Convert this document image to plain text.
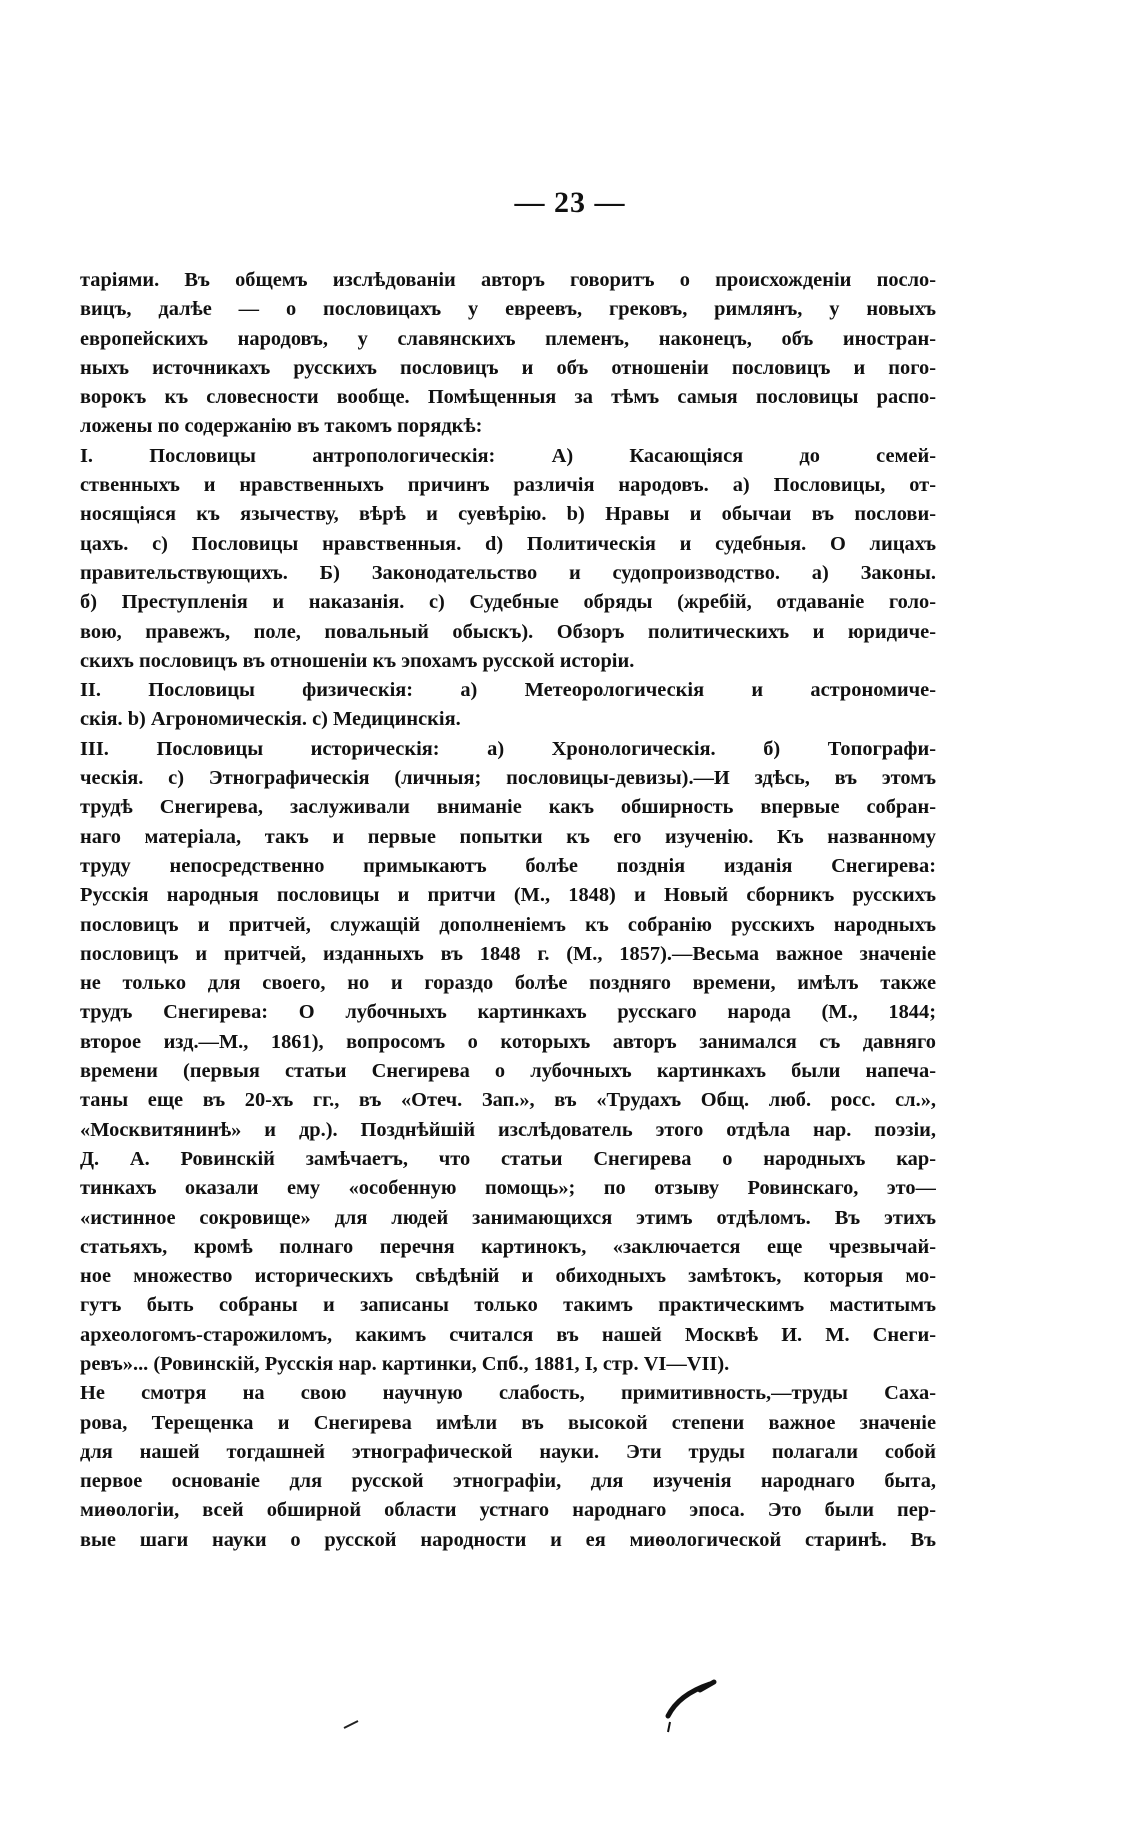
— 23 —
таріями. Въ общемъ изслѣдованіи авторъ говоритъ о происхожденіи посло-
вицъ, далѣе — о пословицахъ у евреевъ, грековъ, римлянъ, у новыхъ
европейскихъ народовъ, у славянскихъ племенъ, наконецъ, объ иностран-
ныхъ источникахъ русскихъ пословицъ и объ отношеніи пословицъ и пого-
ворокъ къ словесности вообще. Помѣщенныя за тѣмъ самыя пословицы распо-
ложены по содержанію въ такомъ порядкѣ:
I. Пословицы антропологическія: А) Касающіяся до семей-
ственныхъ и нравственныхъ причинъ различія народовъ. а) Пословицы, от-
носящіяся къ язычеству, вѣрѣ и суевѣрію. b) Нравы и обычаи въ послови-
цахъ. с) Пословицы нравственныя. d) Политическія и судебныя. О лицахъ
правительствующихъ. Б) Законодательство и судопроизводство. а) Законы.
б) Преступленія и наказанія. с) Судебные обряды (жребій, отдаваніе голо-
вою, правежъ, поле, повальный обыскъ). Обзоръ политическихъ и юридиче-
скихъ пословицъ въ отношеніи къ эпохамъ русской исторіи.
II. Пословицы физическія: а) Метеорологическія и астрономиче-
скія. b) Агрономическія. с) Медицинскія.
III. Пословицы историческія: а) Хронологическія. б) Топографи-
ческія. с) Этнографическія (личныя; пословицы-девизы).—И здѣсь, въ этомъ
трудѣ Снегирева, заслуживали вниманіе какъ обширность впервые собран-
наго матеріала, такъ и первые попытки къ его изученію. Къ названному
труду непосредственно примыкаютъ болѣе позднія изданія Снегирева:
Русскія народныя пословицы и притчи (М., 1848) и Новый сборникъ русскихъ
пословицъ и притчей, служащій дополненіемъ къ собранію русскихъ народныхъ
пословицъ и притчей, изданныхъ въ 1848 г. (М., 1857).—Весьма важное значеніе
не только для своего, но и гораздо болѣе поздняго времени, имѣлъ также
трудъ Снегирева: О лубочныхъ картинкахъ русскаго народа (М., 1844;
второе изд.—М., 1861), вопросомъ о которыхъ авторъ занимался съ давняго
времени (первыя статьи Снегирева о лубочныхъ картинкахъ были напеча-
таны еще въ 20-хъ гг., въ «Отеч. Зап.», въ «Трудахъ Общ. люб. росс. сл.»,
«Москвитянинѣ» и др.). Позднѣйшій изслѣдователь этого отдѣла нар. поэзіи,
Д. А. Ровинскій замѣчаетъ, что статьи Снегирева о народныхъ кар-
тинкахъ оказали ему «особенную помощь»; по отзыву Ровинскаго, это—
«истинное сокровище» для людей занимающихся этимъ отдѣломъ. Въ этихъ
статьяхъ, кромѣ полнаго перечня картинокъ, «заключается еще чрезвычай-
ное множество историческихъ свѣдѣній и обиходныхъ замѣтокъ, которыя мо-
гутъ быть собраны и записаны только такимъ практическимъ маститымъ
археологомъ-старожиломъ, какимъ считался въ нашей Москвѣ И. М. Снеги-
ревъ»... (Ровинскій, Русскія нар. картинки, Спб., 1881, I, стр. VI—VII).
Не смотря на свою научную слабость, примитивность,—труды Саха-
рова, Терещенка и Снегирева имѣли въ высокой степени важное значеніе
для нашей тогдашней этнографической науки. Эти труды полагали собой
первое основаніе для русской этнографіи, для изученія народнаго быта,
миѳологіи, всей обширной области устнаго народнаго эпоса. Это были пер-
вые шаги науки о русской народности и ея миѳологической старинѣ. Въ
